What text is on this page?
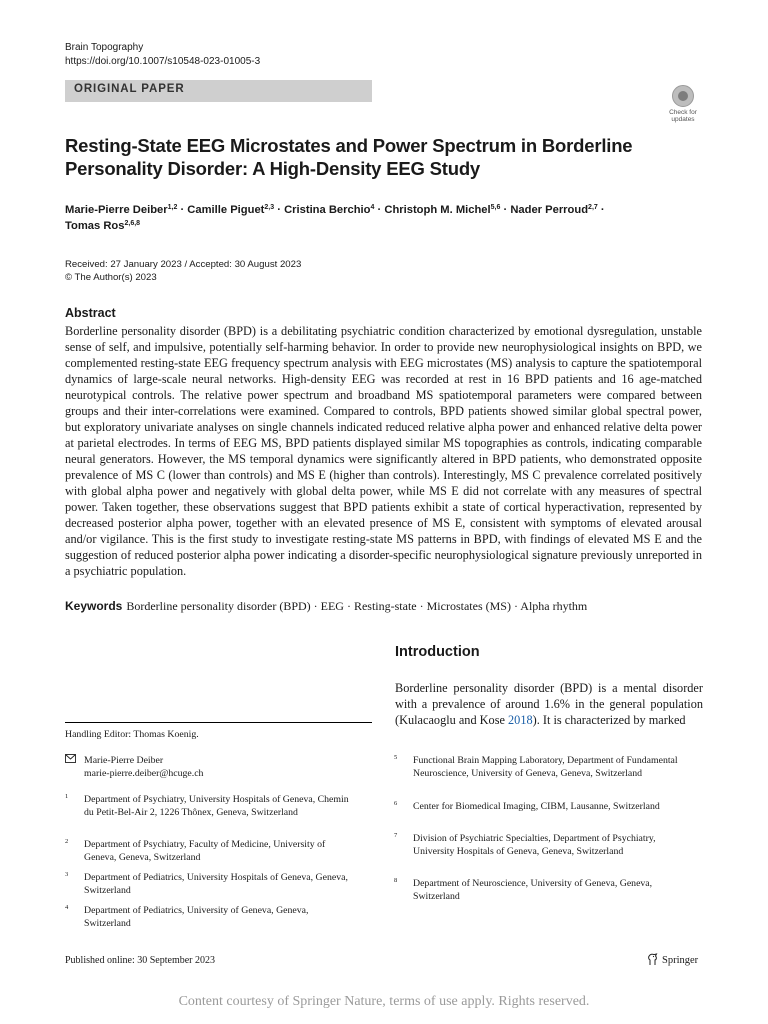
Brain Topography
https://doi.org/10.1007/s10548-023-01005-3
ORIGINAL PAPER
Check for
updates
Resting-State EEG Microstates and Power Spectrum in Borderline Personality Disorder: A High-Density EEG Study
Marie-Pierre Deiber$^{1,2}$ · Camille Piguet$^{2,3}$ · Cristina Berchio$^4$ · Christoph M. Michel$^{5,6}$ · Nader Perroud$^{2,7}$ ·
Tomas Ros$^{2,6,8}$
Received: 27 January 2023 / Accepted: 30 August 2023
© The Author(s) 2023
Abstract
Borderline personality disorder (BPD) is a debilitating psychiatric condition characterized by emotional dysregulation, unstable sense of self, and impulsive, potentially self-harming behavior. In order to provide new neurophysiological insights on BPD, we complemented resting-state EEG frequency spectrum analysis with EEG microstates (MS) analysis to capture the spatiotemporal dynamics of large-scale neural networks. High-density EEG was recorded at rest in 16 BPD patients and 16 age-matched neurotypical controls. The relative power spectrum and broadband MS spatiotemporal parameters were compared between groups and their inter-correlations were examined. Compared to controls, BPD patients showed similar global spectral power, but exploratory univariate analyses on single channels indicated reduced relative alpha power and enhanced relative delta power at parietal electrodes. In terms of EEG MS, BPD patients displayed similar MS topographies as controls, indicating comparable neural generators. However, the MS temporal dynamics were significantly altered in BPD patients, who demonstrated opposite prevalence of MS C (lower than controls) and MS E (higher than controls). Interestingly, MS C prevalence correlated positively with global alpha power and negatively with global delta power, while MS E did not correlate with any measures of spectral power. Taken together, these observations suggest that BPD patients exhibit a state of cortical hyperactivation, represented by decreased posterior alpha power, together with an elevated presence of MS E, consistent with symptoms of elevated arousal and/or vigilance. This is the first study to investigate resting-state MS patterns in BPD, with findings of elevated MS E and the suggestion of reduced posterior alpha power indicating a disorder-specific neurophysiological signature previously unreported in a psychiatric population.
Keywords Borderline personality disorder (BPD) · EEG · Resting-state · Microstates (MS) · Alpha rhythm
Introduction
Borderline personality disorder (BPD) is a mental disorder with a prevalence of around 1.6% in the general population (Kulacaoglu and Kose 2018). It is characterized by marked
Handling Editor: Thomas Koenig.
Marie-Pierre Deiber
marie-pierre.deiber@hcuge.ch
1 Department of Psychiatry, University Hospitals of Geneva, Chemin du Petit-Bel-Air 2, 1226 Thônex, Geneva, Switzerland
2 Department of Psychiatry, Faculty of Medicine, University of Geneva, Geneva, Switzerland
3 Department of Pediatrics, University Hospitals of Geneva, Geneva, Switzerland
4 Department of Pediatrics, University of Geneva, Geneva, Switzerland
5 Functional Brain Mapping Laboratory, Department of Fundamental Neuroscience, University of Geneva, Geneva, Switzerland
6 Center for Biomedical Imaging, CIBM, Lausanne, Switzerland
7 Division of Psychiatric Specialties, Department of Psychiatry, University Hospitals of Geneva, Geneva, Switzerland
8 Department of Neuroscience, University of Geneva, Geneva, Switzerland
Published online: 30 September 2023	Springer
Content courtesy of Springer Nature, terms of use apply. Rights reserved.
